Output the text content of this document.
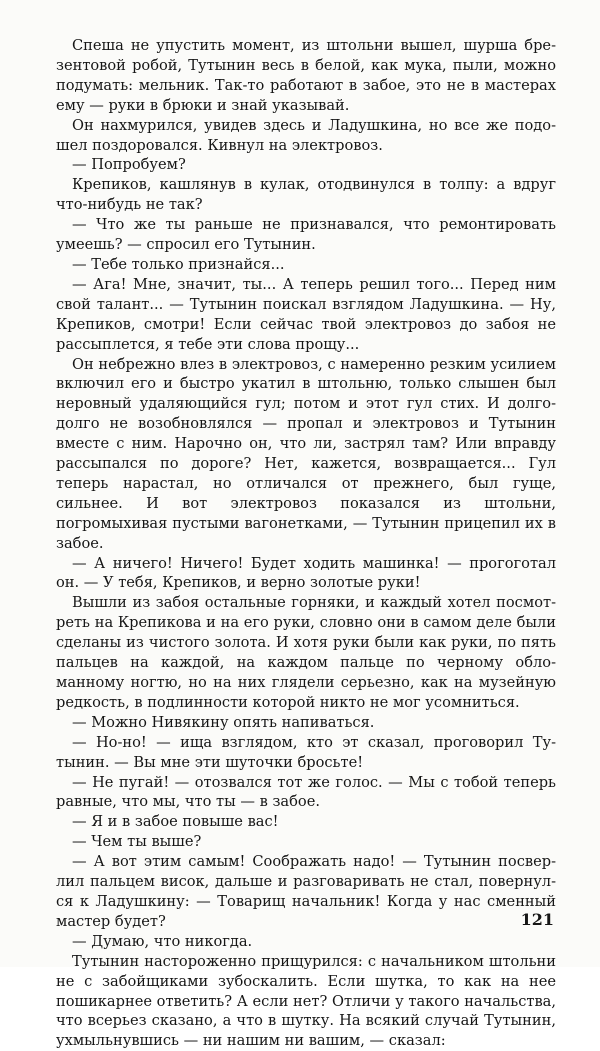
Спеша не упустить момент, из штольни вышел, шурша брезентовой робой, Тутынин весь в белой, как мука, пыли, можно подумать: мельник. Так-то работают в забое, это не в мастерах ему — руки в брюки и знай указывай.

Он нахмурился, увидев здесь и Ладушкина, но все же подошел поздоровался. Кивнул на электровоз.

— Попробуем?

Крепиков, кашлянув в кулак, отодвинулся в толпу: а вдруг что-нибудь не так?

— Что же ты раньше не признавался, что ремонтировать умеешь? — спросил его Тутынин.

— Тебе только признайся...

— Ага! Мне, значит, ты... А теперь решил того... Перед ним свой талант... — Тутынин поискал взглядом Ладушкина. — Ну, Крепиков, смотри! Если сейчас твой электровоз до забоя не рассыплется, я тебе эти слова прощу...

Он небрежно влез в электровоз, с намеренно резким усилием включил его и быстро укатил в штольню, только слышен был неровный удаляющийся гул; потом и этот гул стих. И долго-долго не возобновлялся — пропал и электровоз и Тутынин вместе с ним. Нарочно он, что ли, застрял там? Или вправду рассыпался по дороге? Нет, кажется, возвращается... Гул теперь нарастал, но отличался от прежнего, был гуще, сильнее. И вот электровоз показался из штольни, погромыхивая пустыми вагонетками, — Тутынин прицепил их в забое.

— А ничего! Ничего! Будет ходить машинка! — прогоготал он. — У тебя, Крепиков, и верно золотые руки!

Вышли из забоя остальные горняки, и каждый хотел посмотреть на Крепикова и на его руки, словно они в самом деле были сделаны из чистого золота. И хотя руки были как руки, по пять пальцев на каждой, на каждом пальце по черному обломанному ногтю, но на них глядели серьезно, как на музейную редкость, в подлинности которой никто не мог усомниться.

— Можно Нивякину опять напиваться.

— Но-но! — ища взглядом, кто эт сказал, проговорил Тутынин. — Вы мне эти шуточки бросьте!

— Не пугай! — отозвался тот же голос. — Мы с тобой теперь равные, что мы, что ты — в забое.

— Я и в забое повыше вас!

— Чем ты выше?

— А вот этим самым! Соображать надо! — Тутынин посверлил пальцем висок, дальше и разговаривать не стал, повернулся к Ладушкину: — Товарищ начальник! Когда у нас сменный мастер будет?

— Думаю, что никогда.

Тутынин настороженно прищурился: с начальником штольни не с забойщиками зубоскалить. Если шутка, то как на нее пошикарнее ответить? А если нет? Отличи у такого начальства, что всерьез сказано, а что в шутку. На всякий случай Тутынин, ухмыльнувшись — ни нашим ни вашим, — сказал:

121
